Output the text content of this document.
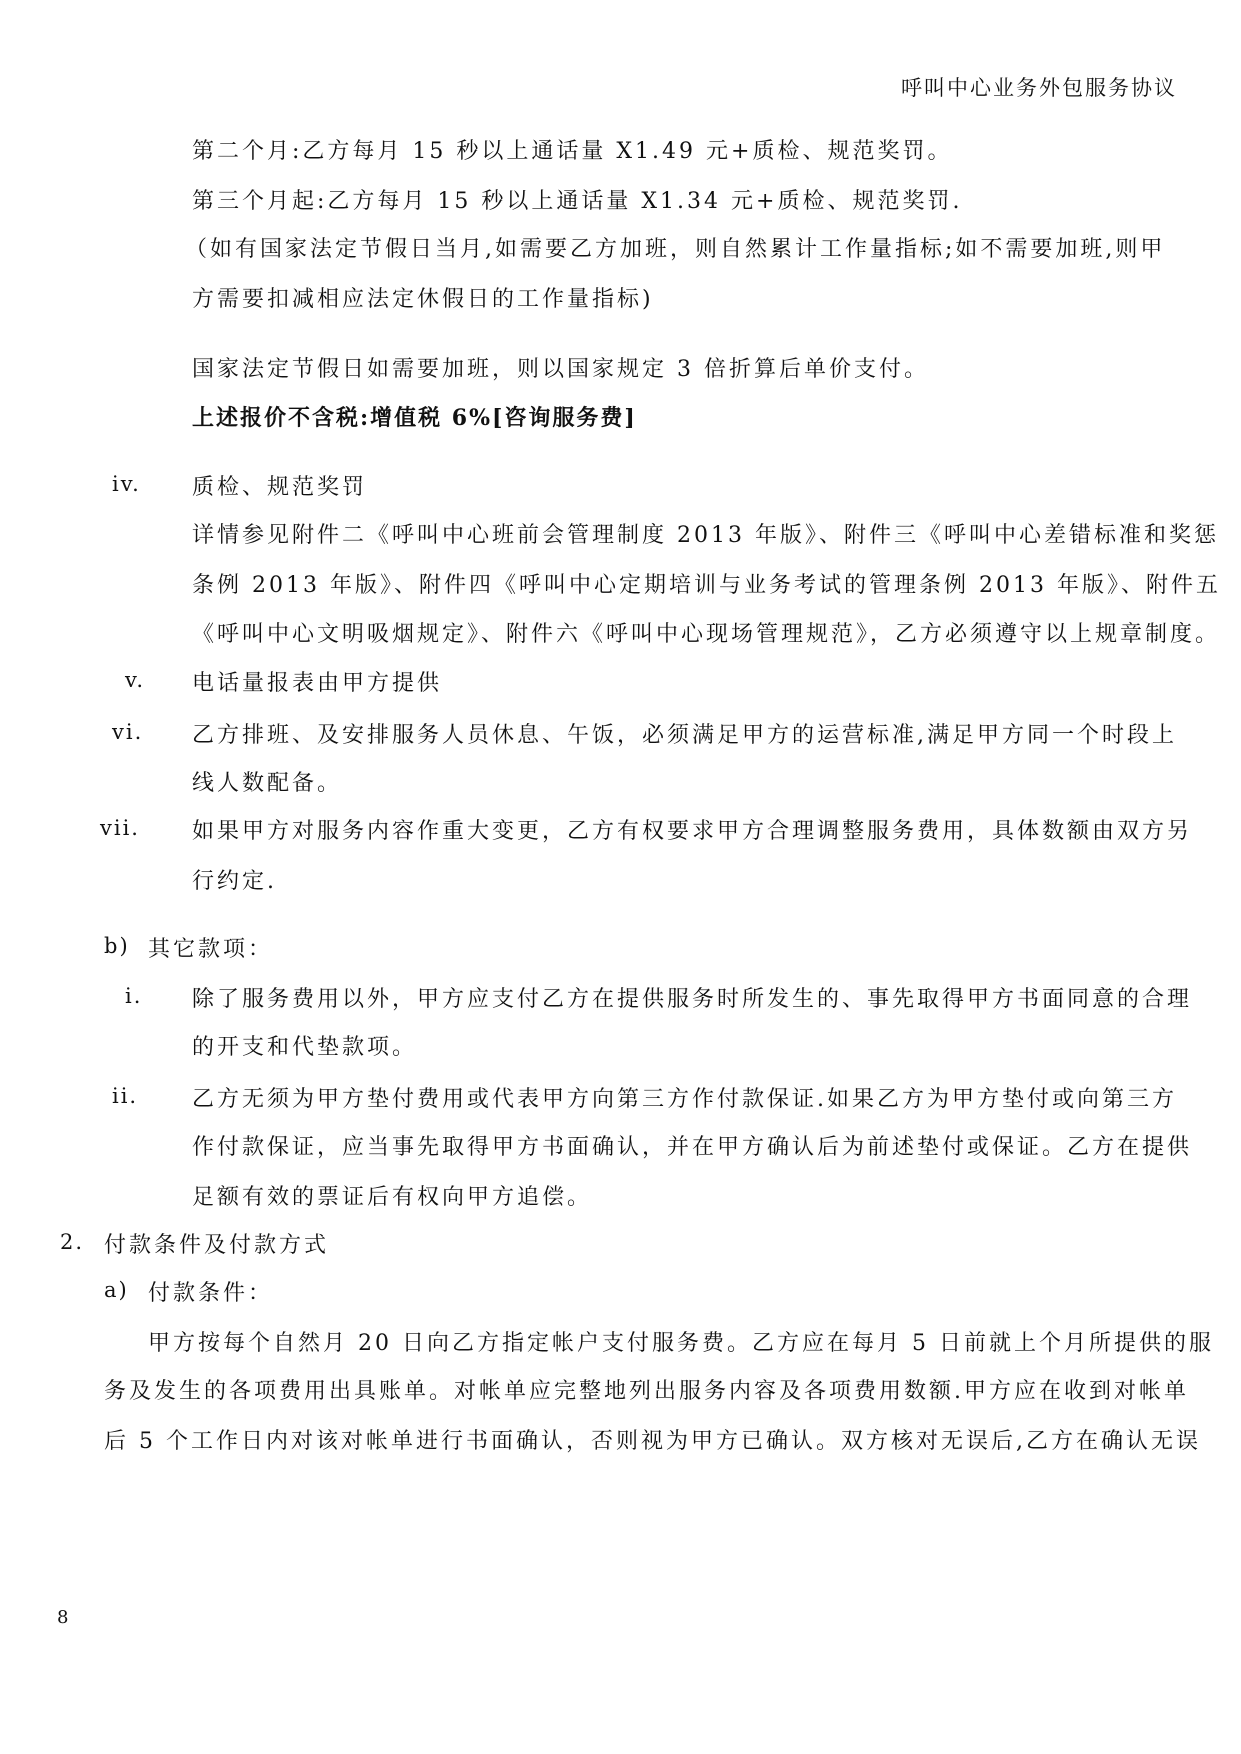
呼叫中心业务外包服务协议
第二个月:乙方每月 15 秒以上通话量 X1.49 元+质检、规范奖罚。
第三个月起:乙方每月 15 秒以上通话量 X1.34 元+质检、规范奖罚.
（如有国家法定节假日当月,如需要乙方加班，则自然累计工作量指标;如不需要加班,则甲
方需要扣减相应法定休假日的工作量指标)
国家法定节假日如需要加班，则以国家规定 3 倍折算后单价支付。
上述报价不含税:增值税 6%[咨询服务费]
iv. 质检、规范奖罚
详情参见附件二《呼叫中心班前会管理制度 2013 年版》、附件三《呼叫中心差错标准和奖惩
条例 2013 年版》、附件四《呼叫中心定期培训与业务考试的管理条例 2013 年版》、附件五
《呼叫中心文明吸烟规定》、附件六《呼叫中心现场管理规范》，乙方必须遵守以上规章制度。
v. 电话量报表由甲方提供
vi. 乙方排班、及安排服务人员休息、午饭，必须满足甲方的运营标准,满足甲方同一个时段上
线人数配备。
vii. 如果甲方对服务内容作重大变更，乙方有权要求甲方合理调整服务费用，具体数额由双方另
行约定.
b) 其它款项：
i. 除了服务费用以外，甲方应支付乙方在提供服务时所发生的、事先取得甲方书面同意的合理
的开支和代垫款项。
ii. 乙方无须为甲方垫付费用或代表甲方向第三方作付款保证.如果乙方为甲方垫付或向第三方
作付款保证，应当事先取得甲方书面确认，并在甲方确认后为前述垫付或保证。乙方在提供
足额有效的票证后有权向甲方追偿。
2. 付款条件及付款方式
a) 付款条件：
甲方按每个自然月 20 日向乙方指定帐户支付服务费。乙方应在每月 5 日前就上个月所提供的服
务及发生的各项费用出具账单。对帐单应完整地列出服务内容及各项费用数额.甲方应在收到对帐单
后 5 个工作日内对该对帐单进行书面确认，否则视为甲方已确认。双方核对无误后,乙方在确认无误
8
